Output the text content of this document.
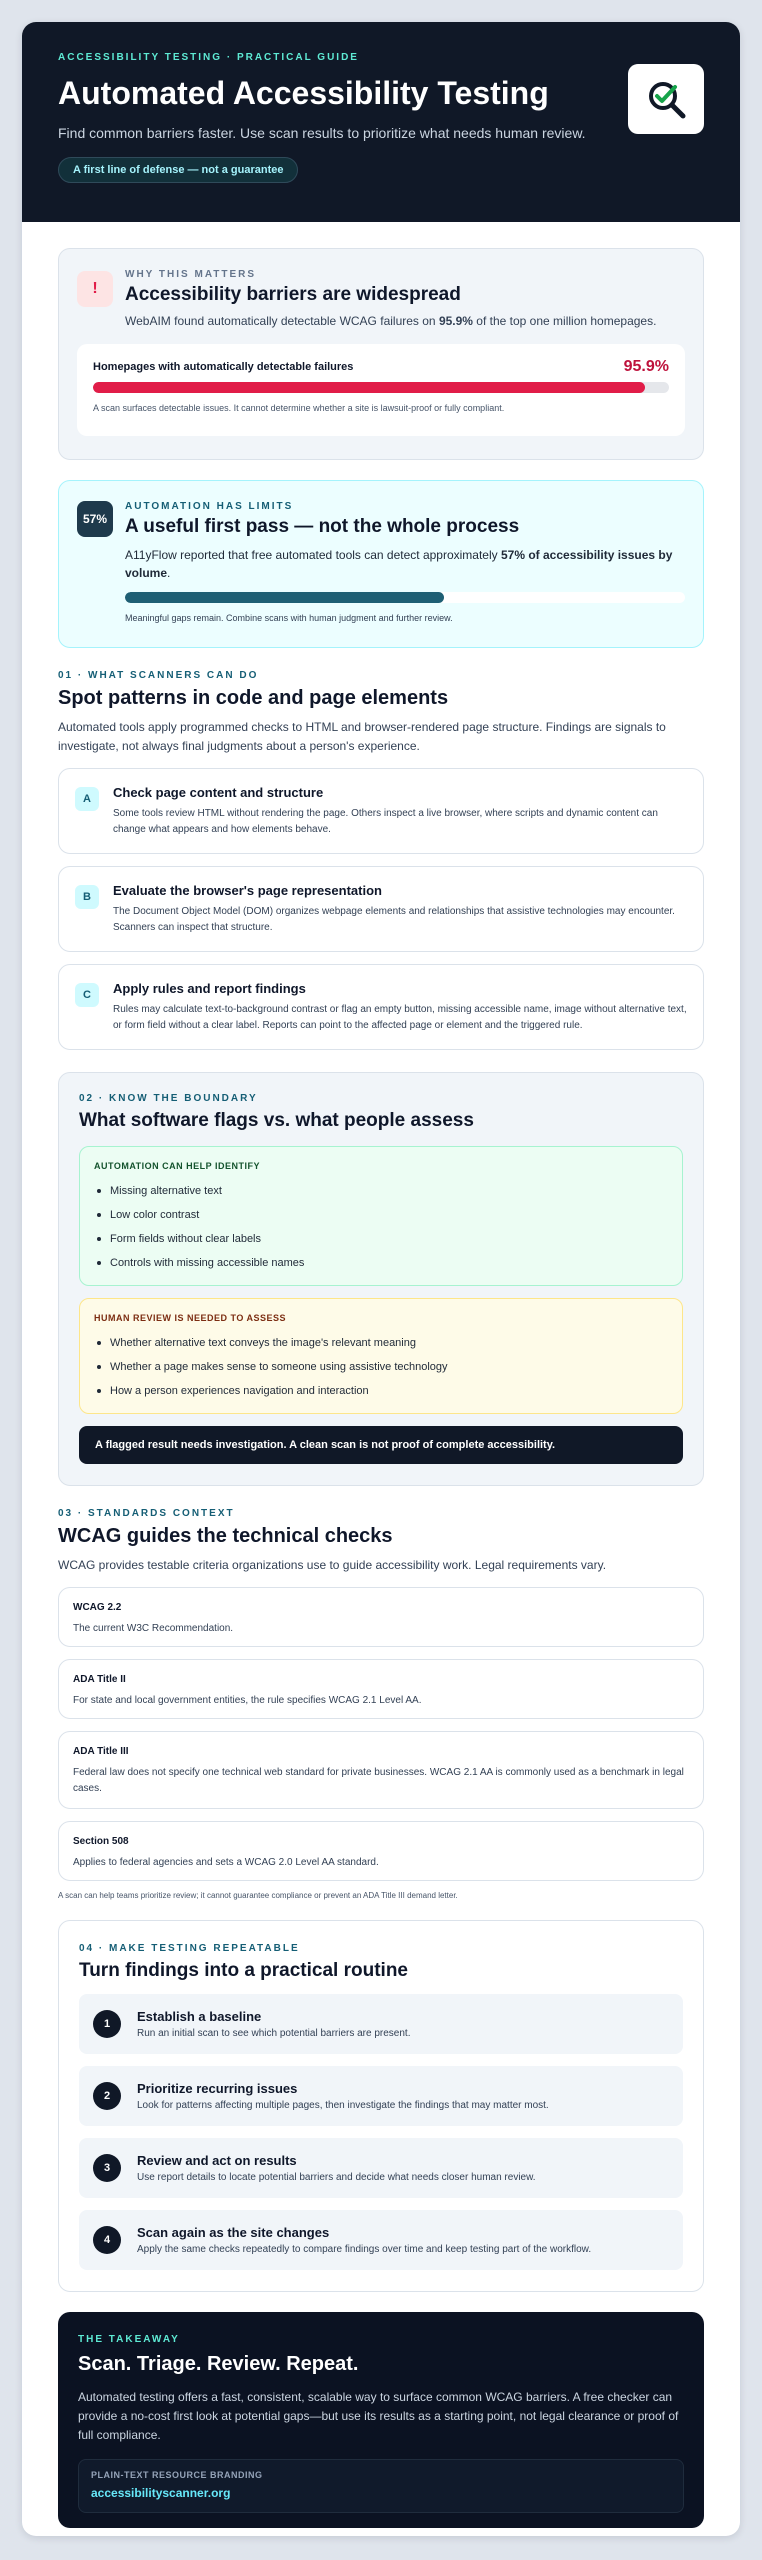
ACCESSIBILITY TESTING · PRACTICAL GUIDE
Automated Accessibility Testing

Find common barriers faster. Use scan results to prioritize what needs human review.

A first line of defense — not a guarantee
!
WHY THIS MATTERS
Accessibility barriers are widespread

WebAIM found automatically detectable WCAG failures on 95.9% of the top one million homepages.

Homepages with automatically detectable failures	95.9%

A scan surfaces detectable issues. It cannot determine whether a site is lawsuit-proof or fully compliant.

57%
AUTOMATION HAS LIMITS
A useful first pass — not the whole process

A11yFlow reported that free automated tools can detect approximately 57% of accessibility issues by volume.

Meaningful gaps remain. Combine scans with human judgment and further review.

01 · WHAT SCANNERS CAN DO
Spot patterns in code and page elements

Automated tools apply programmed checks to HTML and browser-rendered page structure. Findings are signals to investigate, not always final judgments about a person's experience.

A	Check page content and structure

Some tools review HTML without rendering the page. Others inspect a live browser, where scripts and dynamic content can change what appears and how elements behave.

B	Evaluate the browser's page representation

The Document Object Model (DOM) organizes webpage elements and relationships that assistive technologies may encounter. Scanners can inspect that structure.

C	Apply rules and report findings

Rules may calculate text-to-background contrast or flag an empty button, missing accessible name, image without alternative text, or form field without a clear label. Reports can point to the affected page or element and the triggered rule.

02 · KNOW THE BOUNDARY
What software flags vs. what people assess
AUTOMATION CAN HELP IDENTIFY
Missing alternative text
Low color contrast
Form fields without clear labels
Controls with missing accessible names
HUMAN REVIEW IS NEEDED TO ASSESS
Whether alternative text conveys the image's relevant meaning
Whether a page makes sense to someone using assistive technology
How a person experiences navigation and interaction
A flagged result needs investigation. A clean scan is not proof of complete accessibility.
03 · STANDARDS CONTEXT
WCAG guides the technical checks

WCAG provides testable criteria organizations use to guide accessibility work. Legal requirements vary.

WCAG 2.2

The current W3C Recommendation.

ADA Title II

For state and local government entities, the rule specifies WCAG 2.1 Level AA.

ADA Title III

Federal law does not specify one technical web standard for private businesses. WCAG 2.1 AA is commonly used as a benchmark in legal cases.

Section 508

Applies to federal agencies and sets a WCAG 2.0 Level AA standard.

A scan can help teams prioritize review; it cannot guarantee compliance or prevent an ADA Title III demand letter.

04 · MAKE TESTING REPEATABLE
Turn findings into a practical routine
1	Establish a baseline

Run an initial scan to see which potential barriers are present.

2	Prioritize recurring issues

Look for patterns affecting multiple pages, then investigate the findings that may matter most.

3	Review and act on results

Use report details to locate potential barriers and decide what needs closer human review.

4	Scan again as the site changes

Apply the same checks repeatedly to compare findings over time and keep testing part of the workflow.

THE TAKEAWAY
Scan. Triage. Review. Repeat.

Automated testing offers a fast, consistent, scalable way to surface common WCAG barriers. A free checker can provide a no-cost first look at potential gaps—but use its results as a starting point, not legal clearance or proof of full compliance.

PLAIN-TEXT RESOURCE BRANDING
accessibilityscanner.org
